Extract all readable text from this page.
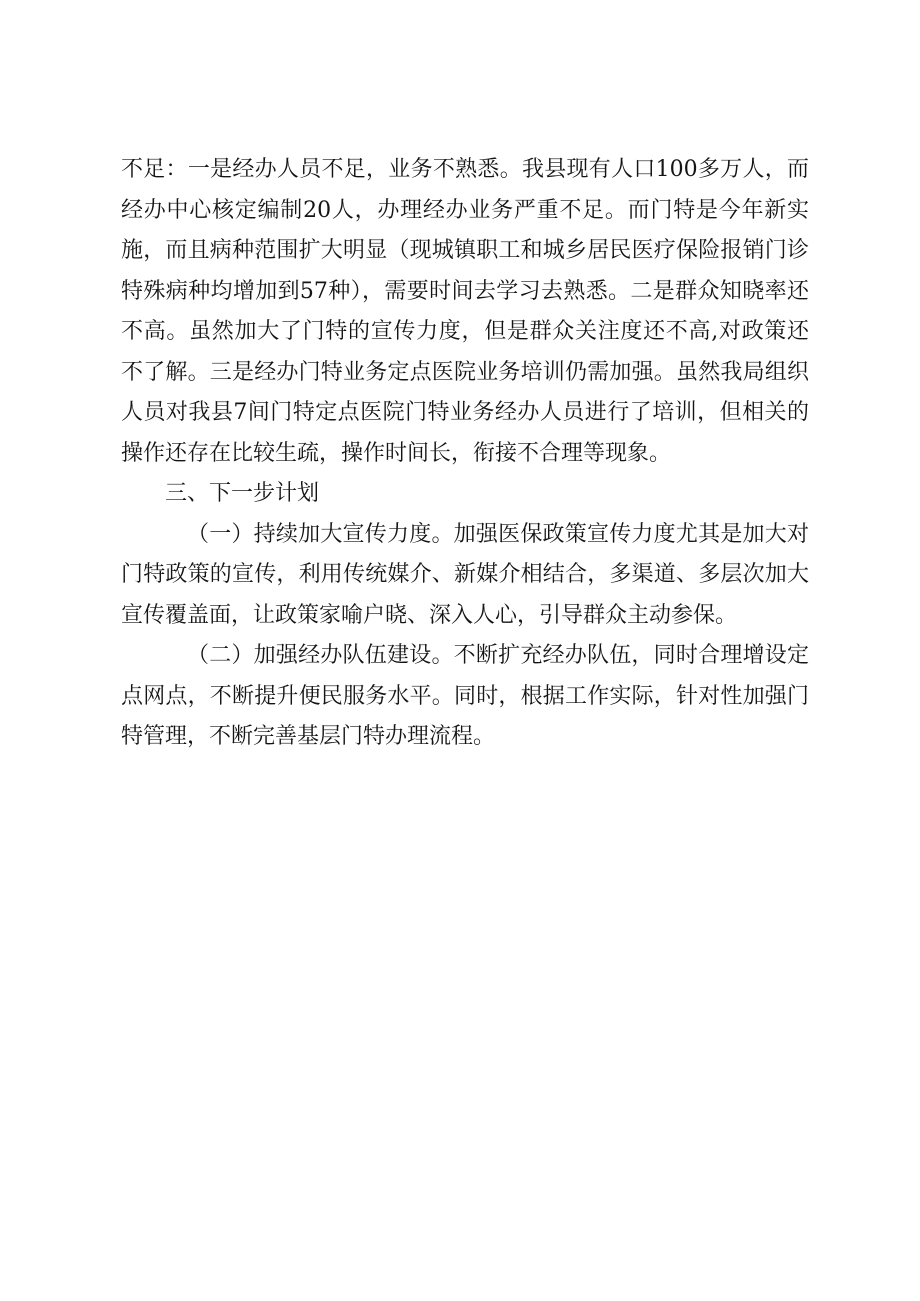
不足：一是经办人员不足，业务不熟悉。我县现有人口100多万人，而经办中心核定编制20人，办理经办业务严重不足。而门特是今年新实施，而且病种范围扩大明显（现城镇职工和城乡居民医疗保险报销门诊特殊病种均增加到57种），需要时间去学习去熟悉。二是群众知晓率还不高。虽然加大了门特的宣传力度，但是群众关注度还不高,对政策还不了解。三是经办门特业务定点医院业务培训仍需加强。虽然我局组织人员对我县7间门特定点医院门特业务经办人员进行了培训，但相关的操作还存在比较生疏，操作时间长，衔接不合理等现象。

三、下一步计划

（一）持续加大宣传力度。加强医保政策宣传力度尤其是加大对门特政策的宣传，利用传统媒介、新媒介相结合，多渠道、多层次加大宣传覆盖面，让政策家喻户晓、深入人心，引导群众主动参保。

（二）加强经办队伍建设。不断扩充经办队伍，同时合理增设定点网点，不断提升便民服务水平。同时，根据工作实际，针对性加强门特管理，不断完善基层门特办理流程。
